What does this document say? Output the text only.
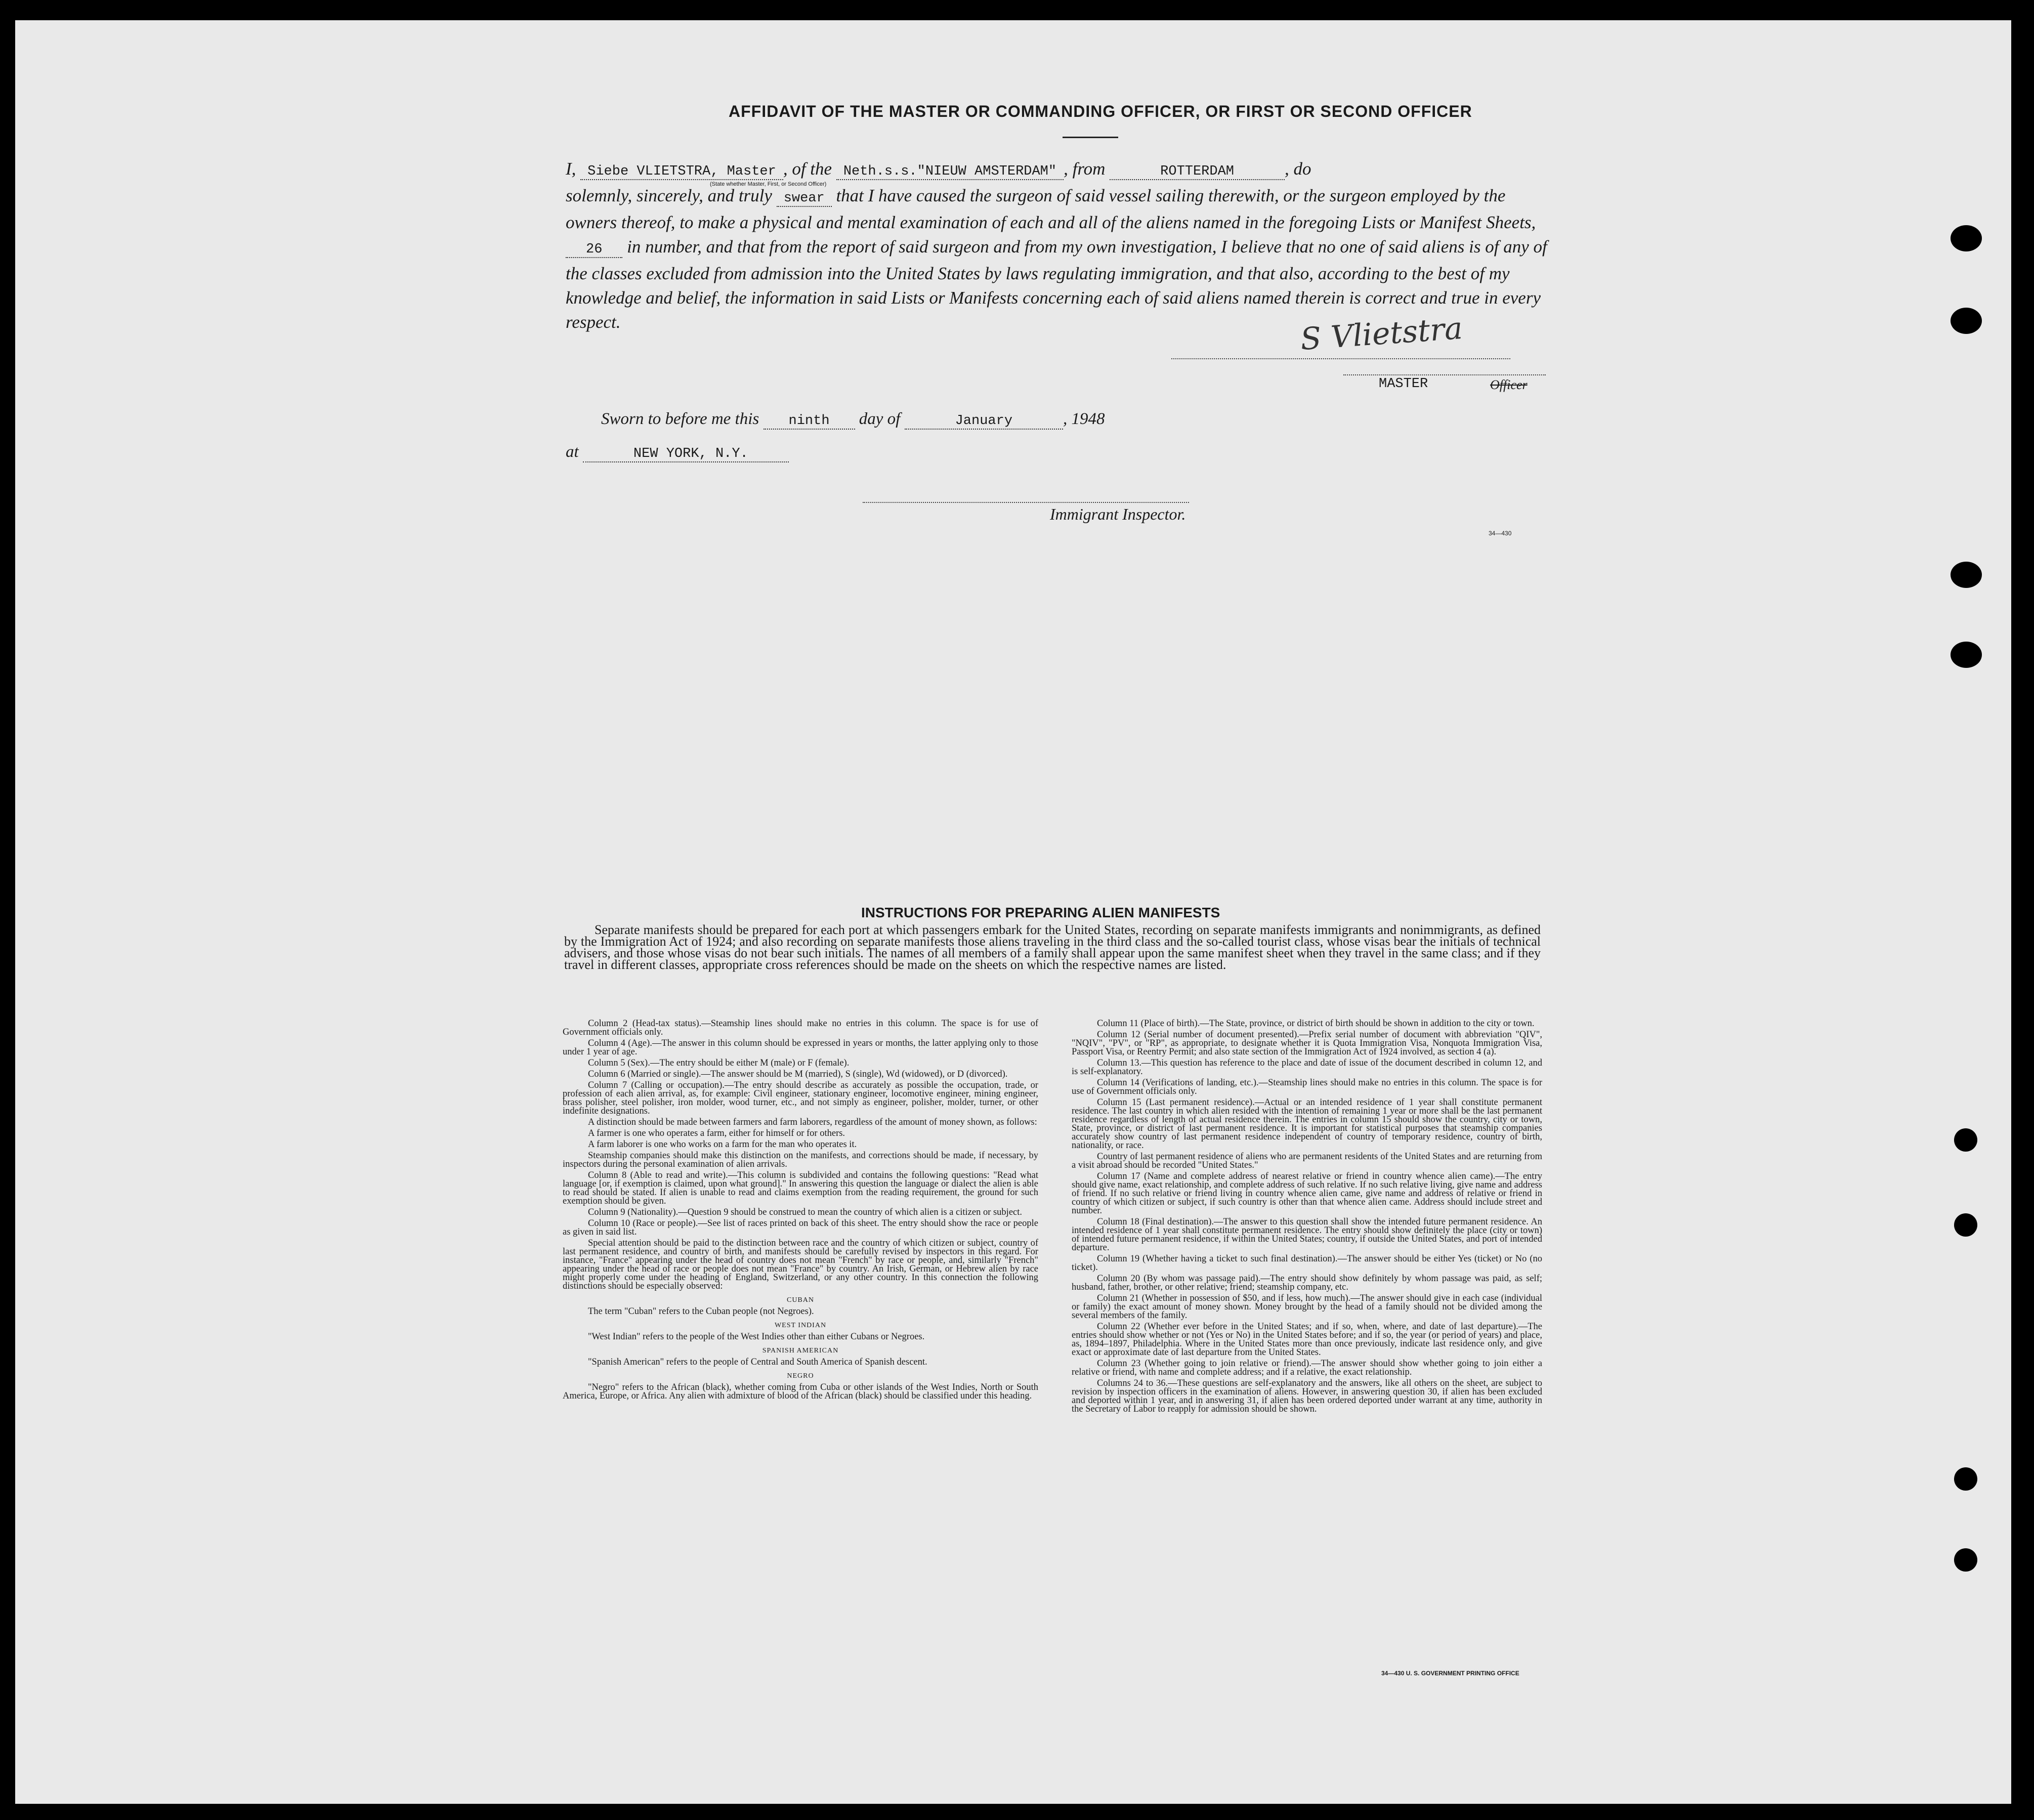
AFFIDAVIT OF THE MASTER OR COMMANDING OFFICER, OR FIRST OR SECOND OFFICER

I, Siebe VLIETSTRA, Master , of the Neth.s.s."NIEUW AMSTERDAM" , from	ROTTERDAM	, do
(State whether Master, First, or Second Officer)

solemnly, sincerely, and truly swear that I have caused the surgeon of said vessel sailing therewith, or the surgeon employed by the owners thereof, to make a physical and mental examination of each and all of the aliens named in the foregoing Lists or Manifest Sheets, 26 in number, and that from the report of said surgeon and from my own investigation, I believe that no one of said aliens is of any of the classes excluded from admission into the United States by laws regulating immigration, and that also, according to the best of my knowledge and belief, the information in said Lists or Manifests concerning each of said aliens named therein is correct and true in every respect.	S Vlietstra
MASTER	Officer
Sworn to before me this ninth day of	January	, 1948
at	NEW YORK, N.Y.
Immigrant Inspector.
34—430
INSTRUCTIONS FOR PREPARING ALIEN MANIFESTS

Separate manifests should be prepared for each port at which passengers embark for the United States, recording on separate manifests immigrants and nonimmigrants, as defined by the Immigration Act of 1924; and also recording on separate manifests those aliens traveling in the third class and the so-called tourist class, whose visas bear the initials of technical advisers, and those whose visas do not bear such initials. The names of all members of a family shall appear upon the same manifest sheet when they travel in the same class; and if they travel in different classes, appropriate cross references should be made on the sheets on which the respective names are listed.

Column 2 (Head-tax status).—Steamship lines should make no entries in this column. The space is for use of Government officials only.

Column 4 (Age).—The answer in this column should be expressed in years or months, the latter applying only to those under 1 year of age.

Column 5 (Sex).—The entry should be either M (male) or F (female).

Column 6 (Married or single).—The answer should be M (married), S (single), Wd (widowed), or D (divorced).

Column 7 (Calling or occupation).—The entry should describe as accurately as possible the occupation, trade, or profession of each alien arrival, as, for example: Civil engineer, stationary engineer, locomotive engineer, mining engineer, brass polisher, steel polisher, iron molder, wood turner, etc., and not simply as engineer, polisher, molder, turner, or other indefinite designations.

A distinction should be made between farmers and farm laborers, regardless of the amount of money shown, as follows:

A farmer is one who operates a farm, either for himself or for others.

A farm laborer is one who works on a farm for the man who operates it.

Steamship companies should make this distinction on the manifests, and corrections should be made, if necessary, by inspectors during the personal examination of alien arrivals.

Column 8 (Able to read and write).—This column is subdivided and contains the following questions: "Read what language [or, if exemption is claimed, upon what ground]." In answering this question the language or dialect the alien is able to read should be stated. If alien is unable to read and claims exemption from the reading requirement, the ground for such exemption should be given.

Column 9 (Nationality).—Question 9 should be construed to mean the country of which alien is a citizen or subject.

Column 10 (Race or people).—See list of races printed on back of this sheet. The entry should show the race or people as given in said list.

Special attention should be paid to the distinction between race and the country of which citizen or subject, country of last permanent residence, and country of birth, and manifests should be carefully revised by inspectors in this regard. For instance, "France" appearing under the head of country does not mean "French" by race or people, and, similarly "French" appearing under the head of race or people does not mean "France" by country. An Irish, German, or Hebrew alien by race might properly come under the heading of England, Switzerland, or any other country. In this connection the following distinctions should be especially observed:

CUBAN

The term "Cuban" refers to the Cuban people (not Negroes).

WEST INDIAN

"West Indian" refers to the people of the West Indies other than either Cubans or Negroes.

SPANISH AMERICAN

"Spanish American" refers to the people of Central and South America of Spanish descent.

NEGRO

"Negro" refers to the African (black), whether coming from Cuba or other islands of the West Indies, North or South America, Europe, or Africa. Any alien with admixture of blood of the African (black) should be classified under this heading.

Column 11 (Place of birth).—The State, province, or district of birth should be shown in addition to the city or town.

Column 12 (Serial number of document presented).—Prefix serial number of document with abbreviation "QIV", "NQIV", "PV", or "RP", as appropriate, to designate whether it is Quota Immigration Visa, Nonquota Immigration Visa, Passport Visa, or Reentry Permit; and also state section of the Immigration Act of 1924 involved, as section 4 (a).

Column 13.—This question has reference to the place and date of issue of the document described in column 12, and is self-explanatory.

Column 14 (Verifications of landing, etc.).—Steamship lines should make no entries in this column. The space is for use of Government officials only.

Column 15 (Last permanent residence).—Actual or an intended residence of 1 year shall constitute permanent residence. The last country in which alien resided with the intention of remaining 1 year or more shall be the last permanent residence regardless of length of actual residence therein. The entries in column 15 should show the country, city or town, State, province, or district of last permanent residence. It is important for statistical purposes that steamship companies accurately show country of last permanent residence independent of country of temporary residence, country of birth, nationality, or race.

Country of last permanent residence of aliens who are permanent residents of the United States and are returning from a visit abroad should be recorded "United States."

Column 17 (Name and complete address of nearest relative or friend in country whence alien came).—The entry should give name, exact relationship, and complete address of such relative. If no such relative living, give name and address of friend. If no such relative or friend living in country whence alien came, give name and address of relative or friend in country of which citizen or subject, if such country is other than that whence alien came. Address should include street and number.

Column 18 (Final destination).—The answer to this question shall show the intended future permanent residence. An intended residence of 1 year shall constitute permanent residence. The entry should show definitely the place (city or town) of intended future permanent residence, if within the United States; country, if outside the United States, and port of intended departure.

Column 19 (Whether having a ticket to such final destination).—The answer should be either Yes (ticket) or No (no ticket).

Column 20 (By whom was passage paid).—The entry should show definitely by whom passage was paid, as self; husband, father, brother, or other relative; friend; steamship company, etc.

Column 21 (Whether in possession of $50, and if less, how much).—The answer should give in each case (individual or family) the exact amount of money shown. Money brought by the head of a family should not be divided among the several members of the family.

Column 22 (Whether ever before in the United States; and if so, when, where, and date of last departure).—The entries should show whether or not (Yes or No) in the United States before; and if so, the year (or period of years) and place, as, 1894–1897, Philadelphia. Where in the United States more than once previously, indicate last residence only, and give exact or approximate date of last departure from the United States.

Column 23 (Whether going to join relative or friend).—The answer should show whether going to join either a relative or friend, with name and complete address; and if a relative, the exact relationship.

Columns 24 to 36.—These questions are self-explanatory and the answers, like all others on the sheet, are subject to revision by inspection officers in the examination of aliens. However, in answering question 30, if alien has been excluded and deported within 1 year, and in answering 31, if alien has been ordered deported under warrant at any time, authority in the Secretary of Labor to reapply for admission should be shown.

34—430 U. S. GOVERNMENT PRINTING OFFICE
